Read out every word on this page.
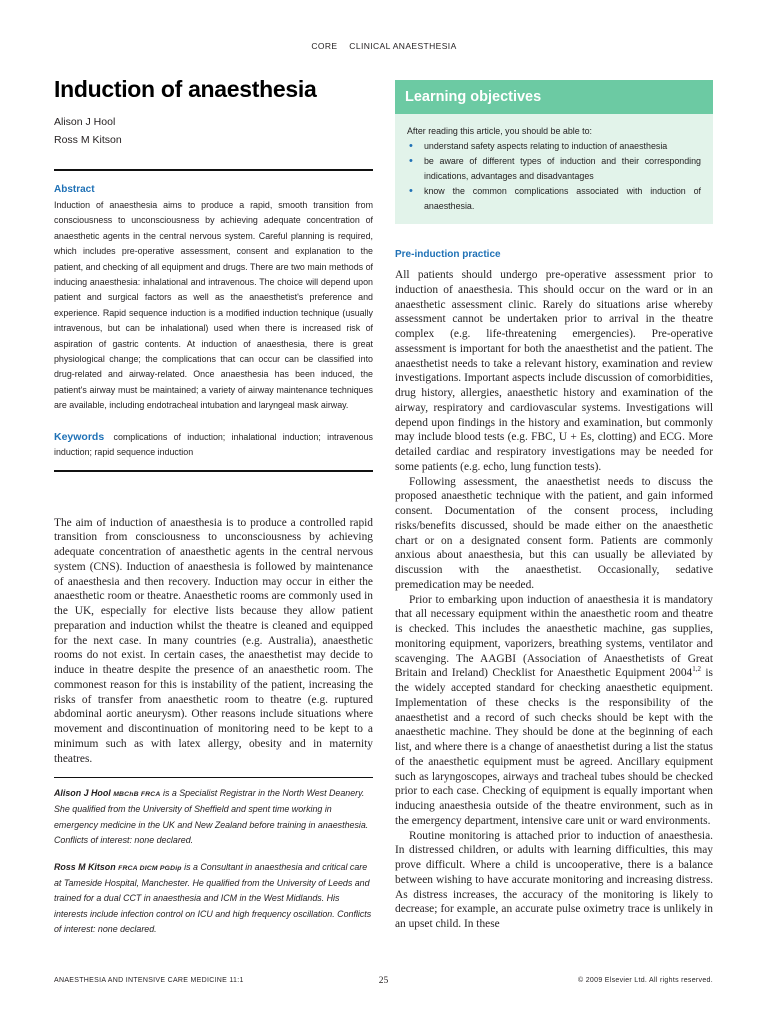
CORE CLINICAL ANAESTHESIA
Induction of anaesthesia
Alison J Hool
Ross M Kitson
Abstract
Induction of anaesthesia aims to produce a rapid, smooth transition from consciousness to unconsciousness by achieving adequate concentration of anaesthetic agents in the central nervous system. Careful planning is required, which includes pre-operative assessment, consent and explanation to the patient, and checking of all equipment and drugs. There are two main methods of inducing anaesthesia: inhalational and intravenous. The choice will depend upon patient and surgical factors as well as the anaesthetist's preference and experience. Rapid sequence induction is a modified induction technique (usually intravenous, but can be inhalational) used when there is increased risk of aspiration of gastric contents. At induction of anaesthesia, there is great physiological change; the complications that can occur can be classified into drug-related and airway-related. Once anaesthesia has been induced, the patient's airway must be maintained; a variety of airway maintenance techniques are available, including endotracheal intubation and laryngeal mask airway.
Keywords complications of induction; inhalational induction; intravenous induction; rapid sequence induction

The aim of induction of anaesthesia is to produce a controlled rapid transition from consciousness to unconsciousness by achieving adequate concentration of anaesthetic agents in the central nervous system (CNS). Induction of anaesthesia is followed by maintenance of anaesthesia and then recovery. Induction may occur in either the anaesthetic room or theatre. Anaesthetic rooms are commonly used in the UK, especially for elective lists because they allow patient preparation and induction whilst the theatre is cleaned and equipped for the next case. In many countries (e.g. Australia), anaesthetic rooms do not exist. In certain cases, the anaesthetist may decide to induce in theatre despite the presence of an anaesthetic room. The commonest reason for this is instability of the patient, increasing the risks of transfer from anaesthetic room to theatre (e.g. ruptured abdominal aortic aneurysm). Other reasons include situations where movement and discontinuation of monitoring need to be kept to a minimum such as with latex allergy, obesity and in maternity theatres.

Alison J Hool MBChB FRCA is a Specialist Registrar in the North West Deanery. She qualified from the University of Sheffield and spent time working in emergency medicine in the UK and New Zealand before training in anaesthesia. Conflicts of interest: none declared.
Ross M Kitson FRCA DICM PGDip is a Consultant in anaesthesia and critical care at Tameside Hospital, Manchester. He qualified from the University of Leeds and trained for a dual CCT in anaesthesia and ICM in the West Midlands. His interests include infection control on ICU and high frequency oscillation. Conflicts of interest: none declared.
Learning objectives
After reading this article, you should be able to:
• understand safety aspects relating to induction of anaesthesia
• be aware of different types of induction and their corresponding indications, advantages and disadvantages
• know the common complications associated with induction of anaesthesia.
Pre-induction practice

All patients should undergo pre-operative assessment prior to induction of anaesthesia. This should occur on the ward or in an anaesthetic assessment clinic. Rarely do situations arise whereby assessment cannot be undertaken prior to arrival in the theatre complex (e.g. life-threatening emergencies). Pre-operative assessment is important for both the anaesthetist and the patient. The anaesthetist needs to take a relevant history, examination and review investigations. Important aspects include discussion of comorbidities, drug history, allergies, anaesthetic history and examination of the airway, respiratory and cardiovascular systems. Investigations will depend upon findings in the history and examination, but commonly may include blood tests (e.g. FBC, U + Es, clotting) and ECG. More detailed cardiac and respiratory investigations may be needed for some patients (e.g. echo, lung function tests).

Following assessment, the anaesthetist needs to discuss the proposed anaesthetic technique with the patient, and gain informed consent. Documentation of the consent process, including risks/benefits discussed, should be made either on the anaesthetic chart or on a designated consent form. Patients are commonly anxious about anaesthesia, but this can usually be alleviated by discussion with the anaesthetist. Occasionally, sedative premedication may be needed.

Prior to embarking upon induction of anaesthesia it is mandatory that all necessary equipment within the anaesthetic room and theatre is checked. This includes the anaesthetic machine, gas supplies, monitoring equipment, vaporizers, breathing systems, ventilator and scavenging. The AAGBI (Association of Anaesthetists of Great Britain and Ireland) Checklist for Anaesthetic Equipment 2004$^{1,2}$ is the widely accepted standard for checking anaesthetic equipment. Implementation of these checks is the responsibility of the anaesthetist and a record of such checks should be kept with the anaesthetic machine. They should be done at the beginning of each list, and where there is a change of anaesthetist during a list the status of the anaesthetic equipment must be agreed. Ancillary equipment such as laryngoscopes, airways and tracheal tubes should be checked prior to each case. Checking of equipment is equally important when inducing anaesthesia outside of the theatre environment, such as in the emergency department, intensive care unit or ward environments.

Routine monitoring is attached prior to induction of anaesthesia. In distressed children, or adults with learning difficulties, this may prove difficult. Where a child is uncooperative, there is a balance between wishing to have accurate monitoring and increasing distress. As distress increases, the accuracy of the monitoring is likely to decrease; for example, an accurate pulse oximetry trace is unlikely in an upset child. In these

ANAESTHESIA AND INTENSIVE CARE MEDICINE 11:1	25	© 2009 Elsevier Ltd. All rights reserved.
